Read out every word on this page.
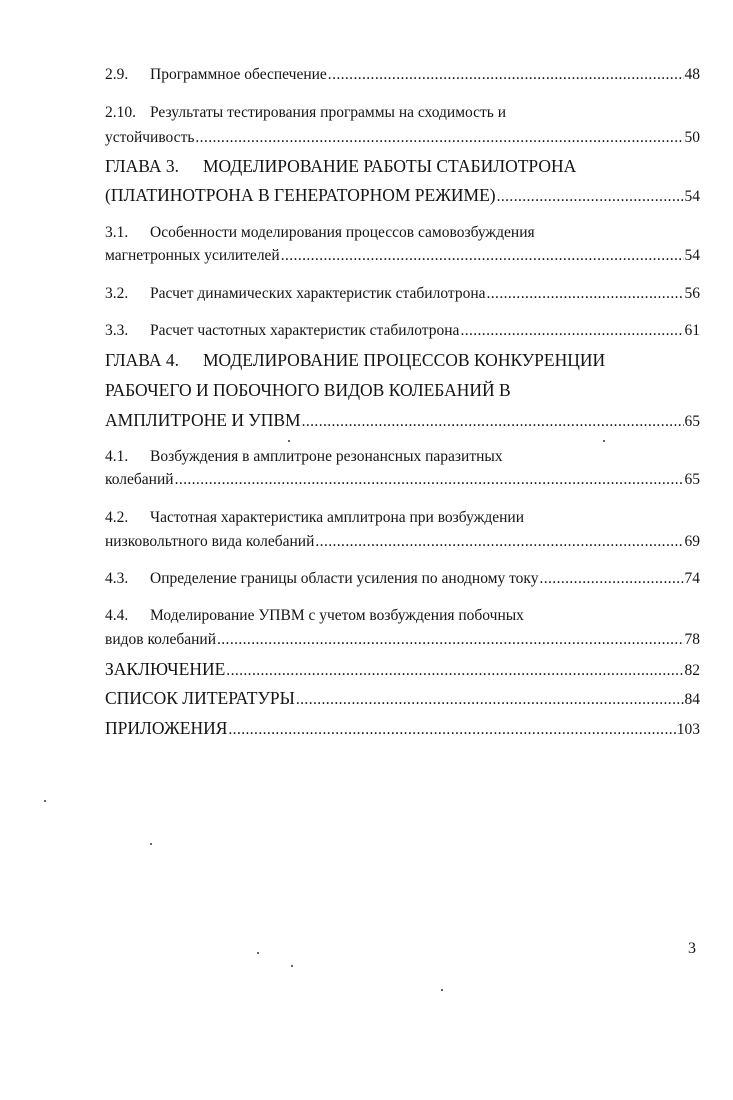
2.9.	Программное обеспечение .....	48
2.10. Результаты тестирования программы на сходимость и
устойчивость .....	50
ГЛАВА 3. МОДЕЛИРОВАНИЕ РАБОТЫ СТАБИЛОТРОНА
(ПЛАТИНОТРОНА В ГЕНЕРАТОРНОМ РЕЖИМЕ) .....	54
3.1. Особенности моделирования процессов самовозбуждения
магнетронных усилителей .....	54
3.2.	Расчет динамических характеристик стабилотрона .....	56
3.3.	Расчет частотных характеристик стабилотрона .....	61
ГЛАВА 4. МОДЕЛИРОВАНИЕ ПРОЦЕССОВ КОНКУРЕНЦИИ
РАБОЧЕГО И ПОБОЧНОГО ВИДОВ КОЛЕБАНИЙ В
АМПЛИТРОНЕ И УПВМ .....	65
4.1. Возбуждения в амплитроне резонансных паразитных
колебаний .....	65
4.2. Частотная характеристика амплитрона при возбуждении
низковольтного вида колебаний .....	69
4.3.	Определение границы области усиления по анодному току .....	74
4.4. Моделирование УПВМ с учетом возбуждения побочных
видов колебаний .....	78
ЗАКЛЮЧЕНИЕ .....	82
СПИСОК ЛИТЕРАТУРЫ .....	84
ПРИЛОЖЕНИЯ .....	103
3
